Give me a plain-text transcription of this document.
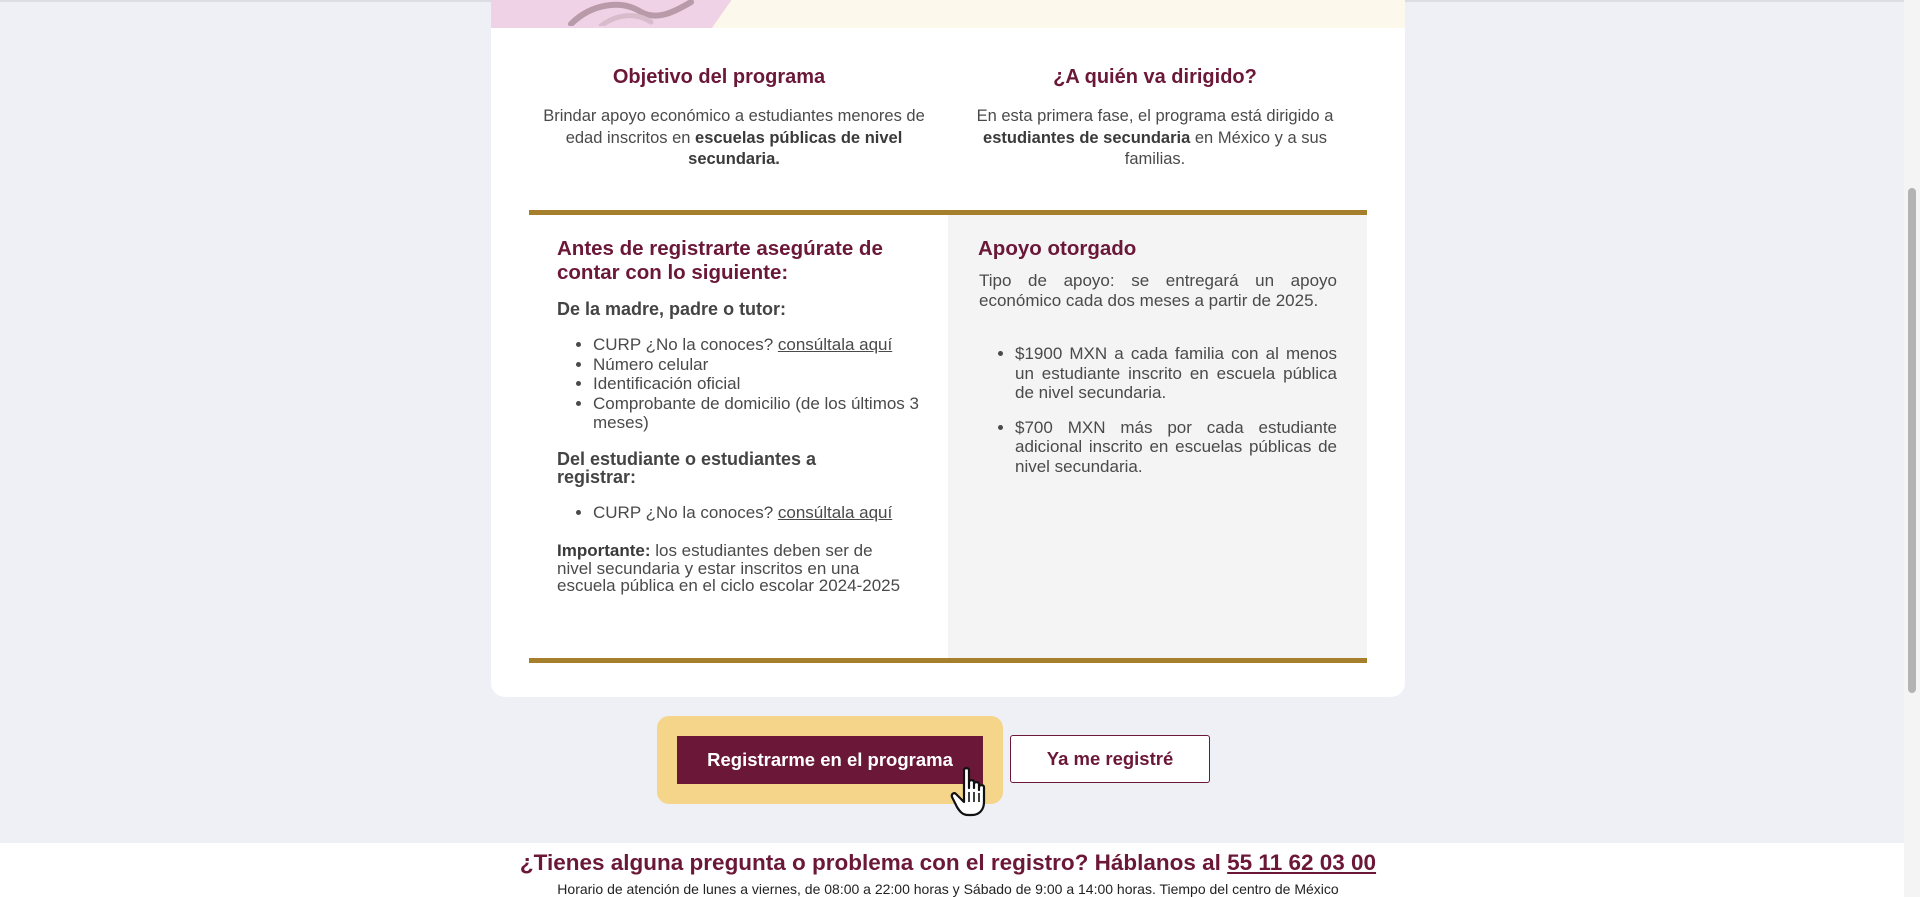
Objetivo del programa
Brindar apoyo económico a estudiantes menores de edad inscritos en escuelas públicas de nivel secundaria.
¿A quién va dirigido?
En esta primera fase, el programa está dirigido a estudiantes de secundaria en México y a sus familias.
Antes de registrarte asegúrate de contar con lo siguiente:
De la madre, padre o tutor:
• CURP ¿No la conoces? consúltala aquí
• Número celular
• Identificación oficial
• Comprobante de domicilio (de los últimos 3 meses)
Del estudiante o estudiantes a registrar:
• CURP ¿No la conoces? consúltala aquí
Importante: los estudiantes deben ser de nivel secundaria y estar inscritos en una escuela pública en el ciclo escolar 2024-2025
Apoyo otorgado
Tipo de apoyo: se entregará un apoyo económico cada dos meses a partir de 2025.
• $1900 MXN a cada familia con al menos un estudiante inscrito en escuela pública de nivel secundaria.
• $700 MXN más por cada estudiante adicional inscrito en escuelas públicas de nivel secundaria.
Registrarme en el programa	Ya me registré
¿Tienes alguna pregunta o problema con el registro? Háblanos al 55 11 62 03 00
Horario de atención de lunes a viernes, de 08:00 a 22:00 horas y Sábado de 9:00 a 14:00 horas. Tiempo del centro de México
